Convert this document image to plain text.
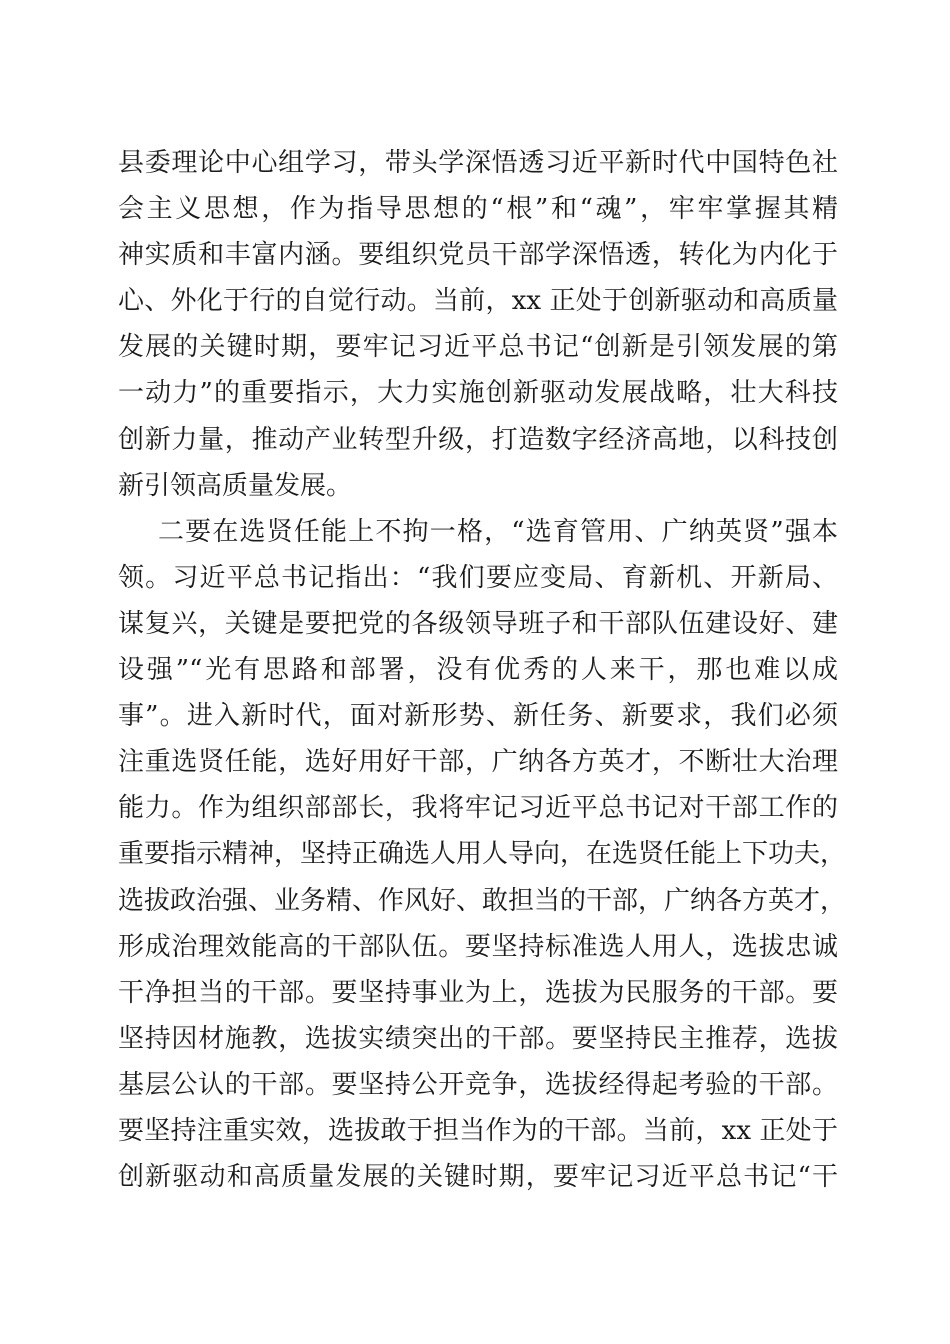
县委理论中心组学习，带头学深悟透习近平新时代中国特色社
会主义思想，作为指导思想的“根”和“魂”，牢牢掌握其精
神实质和丰富内涵。要组织党员干部学深悟透，转化为内化于
心、外化于行的自觉行动。当前，xx 正处于创新驱动和高质量
发展的关键时期，要牢记习近平总书记“创新是引领发展的第
一动力”的重要指示，大力实施创新驱动发展战略，壮大科技
创新力量，推动产业转型升级，打造数字经济高地，以科技创
新引领高质量发展。
二要在选贤任能上不拘一格，“选育管用、广纳英贤”强本
领。习近平总书记指出：“我们要应变局、育新机、开新局、
谋复兴，关键是要把党的各级领导班子和干部队伍建设好、建
设强”“光有思路和部署，没有优秀的人来干，那也难以成
事”。进入新时代，面对新形势、新任务、新要求，我们必须
注重选贤任能，选好用好干部，广纳各方英才，不断壮大治理
能力。作为组织部部长，我将牢记习近平总书记对干部工作的
重要指示精神，坚持正确选人用人导向，在选贤任能上下功夫，
选拔政治强、业务精、作风好、敢担当的干部，广纳各方英才，
形成治理效能高的干部队伍。要坚持标准选人用人，选拔忠诚
干净担当的干部。要坚持事业为上，选拔为民服务的干部。要
坚持因材施教，选拔实绩突出的干部。要坚持民主推荐，选拔
基层公认的干部。要坚持公开竞争，选拔经得起考验的干部。
要坚持注重实效，选拔敢于担当作为的干部。当前，xx 正处于
创新驱动和高质量发展的关键时期，要牢记习近平总书记“干
